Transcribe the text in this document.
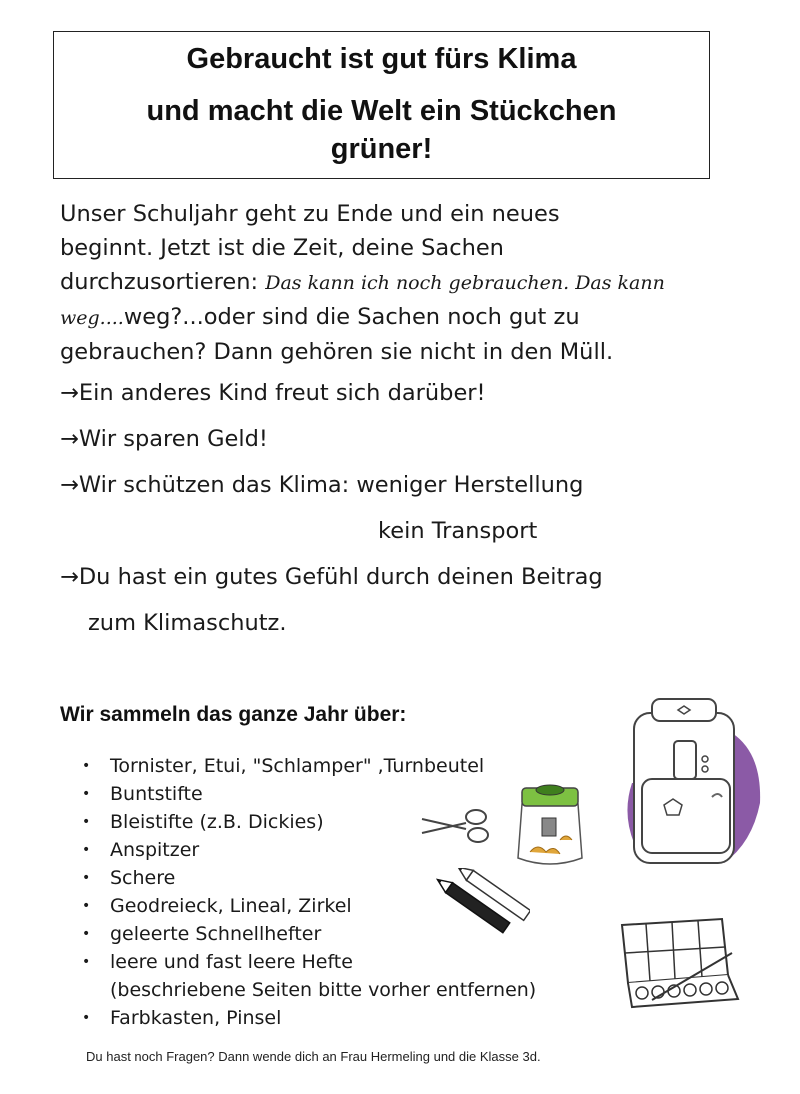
Gebraucht ist gut fürs Klima

und macht die Welt ein Stückchen

grüner!

Unser Schuljahr geht zu Ende und ein neues
beginnt. Jetzt ist die Zeit, deine Sachen
durchzusortieren: Das kann ich noch gebrauchen. Das kann
weg....weg?...oder sind die Sachen noch gut zu
gebrauchen? Dann gehören sie nicht in den Müll.
→Ein anderes Kind freut sich darüber!
→Wir sparen Geld!
→Wir schützen das Klima: weniger Herstellung
kein Transport
→Du hast ein gutes Gefühl durch deinen Beitrag
zum Klimaschutz.
Wir sammeln das ganze Jahr über:
• Tornister, Etui, "Schlamper" ,Turnbeutel
• Buntstifte
• Bleistifte (z.B. Dickies)
• Anspitzer
• Schere
• Geodreieck, Lineal, Zirkel
• geleerte Schnellhefter
• leere und fast leere Hefte
(beschriebene Seiten bitte vorher entfernen)
• Farbkasten, Pinsel
Du hast noch Fragen? Dann wende dich an Frau Hermeling und die Klasse 3d.
